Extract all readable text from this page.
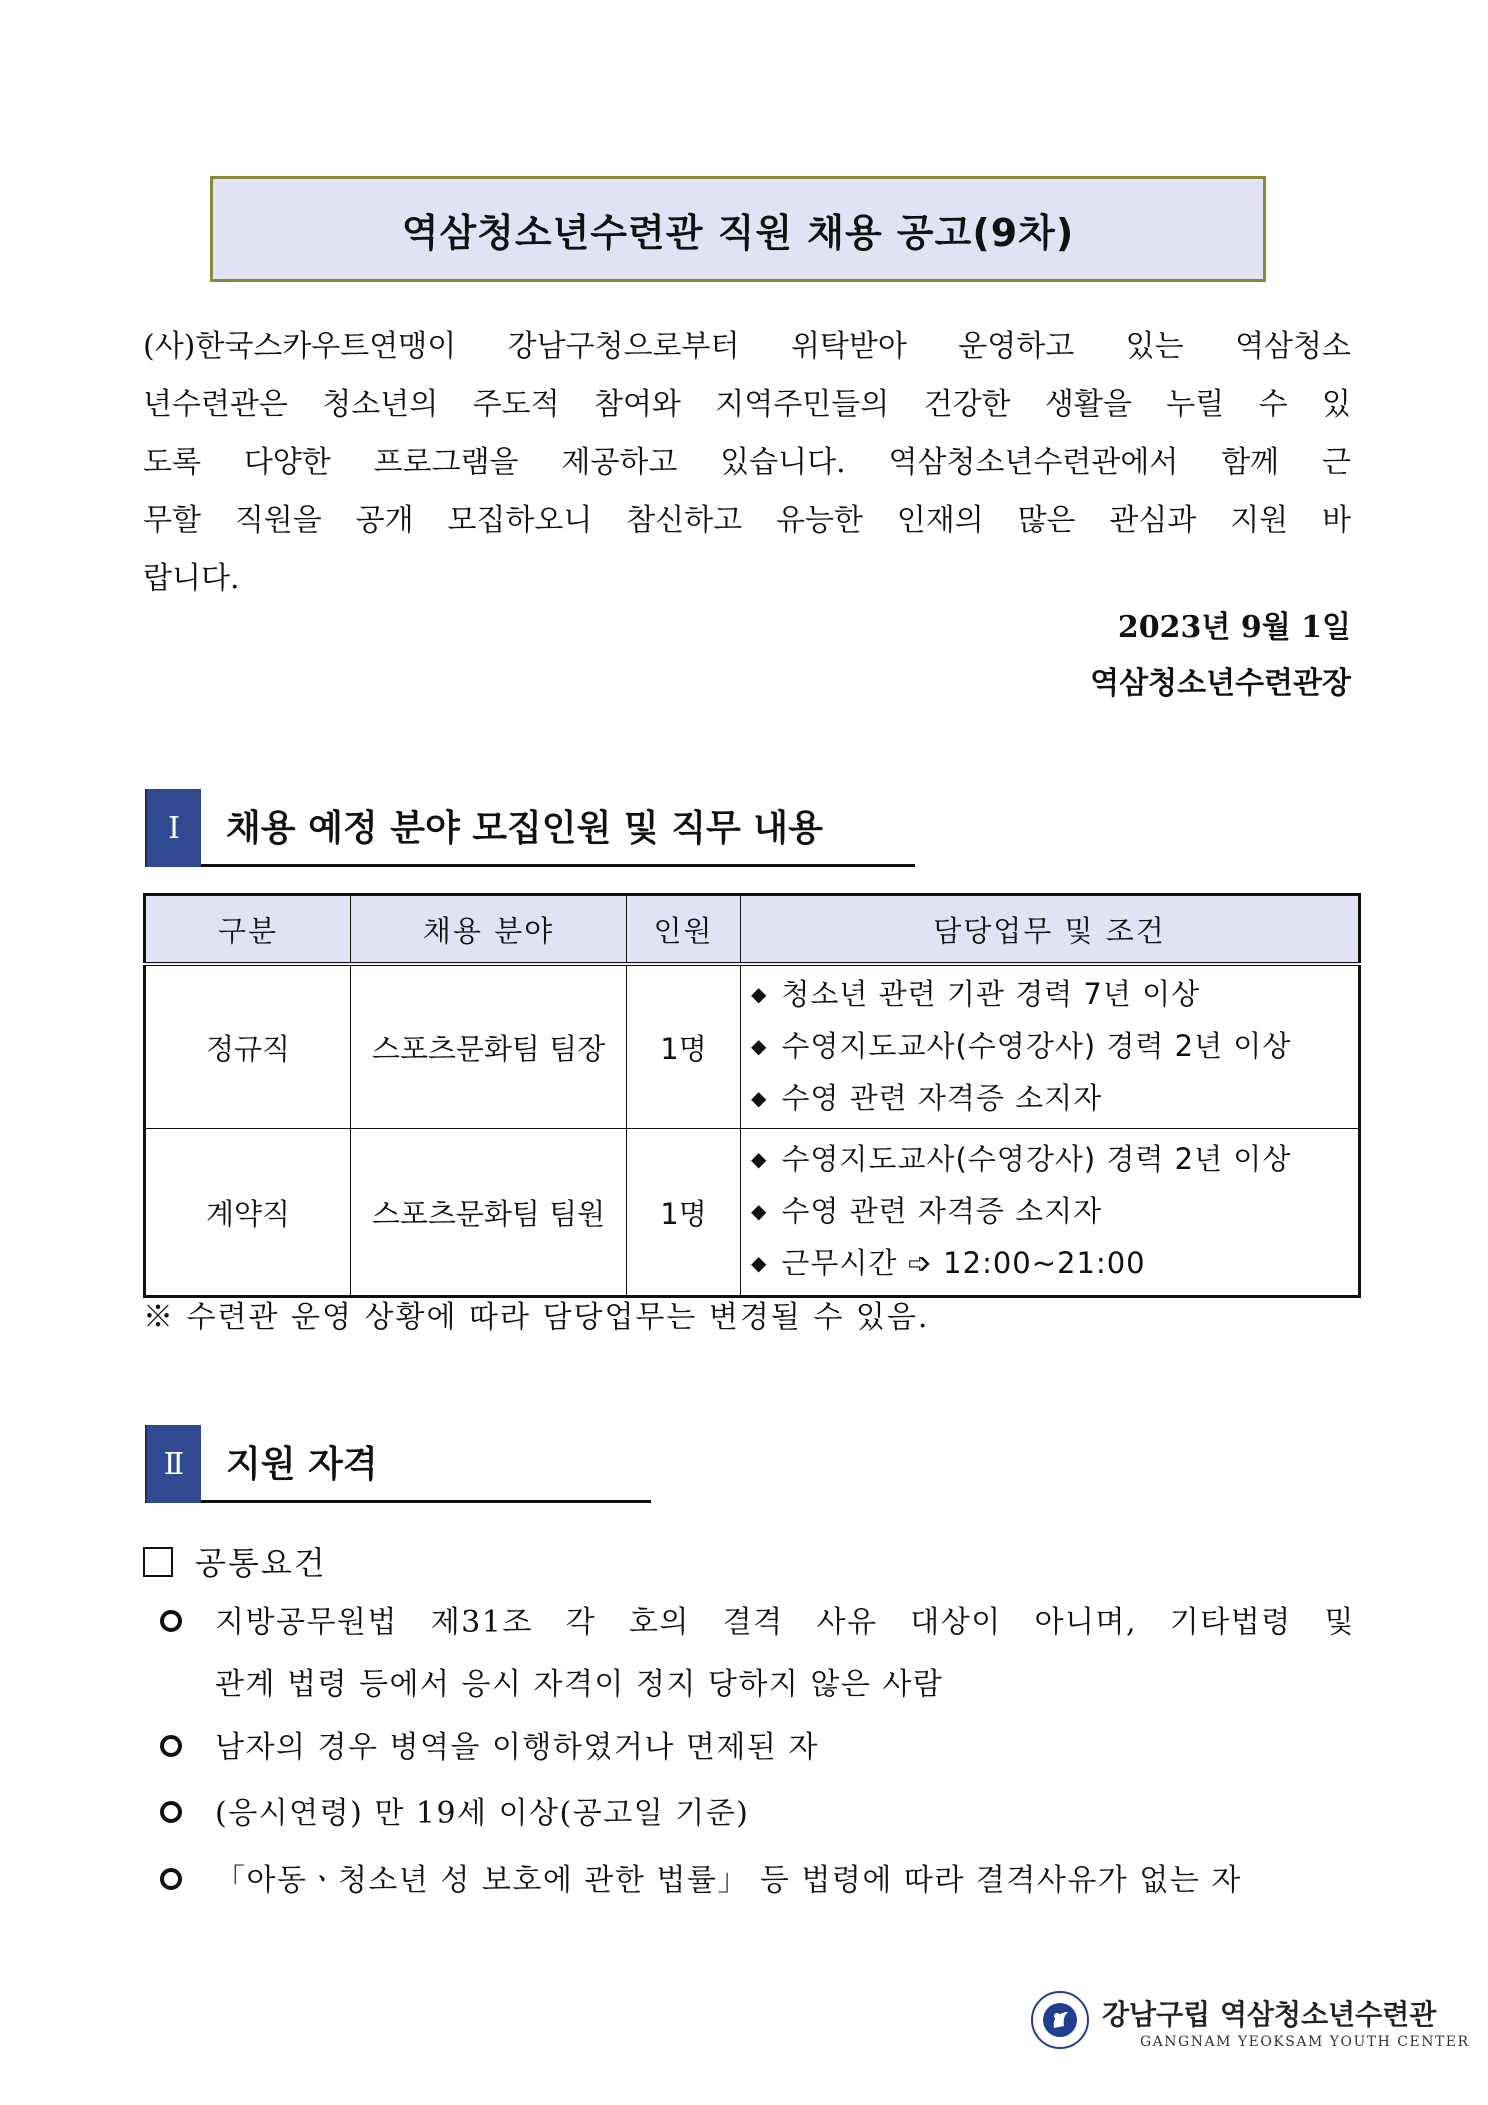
역삼청소년수련관 직원 채용 공고(9차)
(사)한국스카우트연맹이 강남구청으로부터 위탁받아 운영하고 있는 역삼청소
년수련관은 청소년의 주도적 참여와 지역주민들의 건강한 생활을 누릴 수 있
도록 다양한 프로그램을 제공하고 있습니다. 역삼청소년수련관에서 함께 근
무할 직원을 공개 모집하오니 참신하고 유능한 인재의 많은 관심과 지원 바
랍니다.
2023년 9월 1일
역삼청소년수련관장
Ⅰ	채용 예정 분야 모집인원 및 직무 내용
구분	채용 분야	인원	담당업무 및 조건
정규직	스포츠문화팀 팀장	1명	◆ 청소년 관련 기관 경력 7년 이상
◆ 수영지도교사(수영강사) 경력 2년 이상
◆ 수영 관련 자격증 소지자

계약직	스포츠문화팀 팀원	1명	◆ 수영지도교사(수영강사) 경력 2년 이상
◆ 수영 관련 자격증 소지자
◆ 근무시간 ➩ 12:00~21:00
※ 수련관 운영 상황에 따라 담당업무는 변경될 수 있음.
Ⅱ	지원 자격
공통요건
지방공무원법 제31조 각 호의 결격 사유 대상이 아니며, 기타법령 및
관계 법령 등에서 응시 자격이 정지 당하지 않은 사람
남자의 경우 병역을 이행하였거나 면제된 자
(응시연령) 만 19세 이상(공고일 기준)
「아동ㆍ청소년 성 보호에 관한 법률」 등 법령에 따라 결격사유가 없는 자
강남구립 역삼청소년수련관
GANGNAM YEOKSAM YOUTH CENTER
